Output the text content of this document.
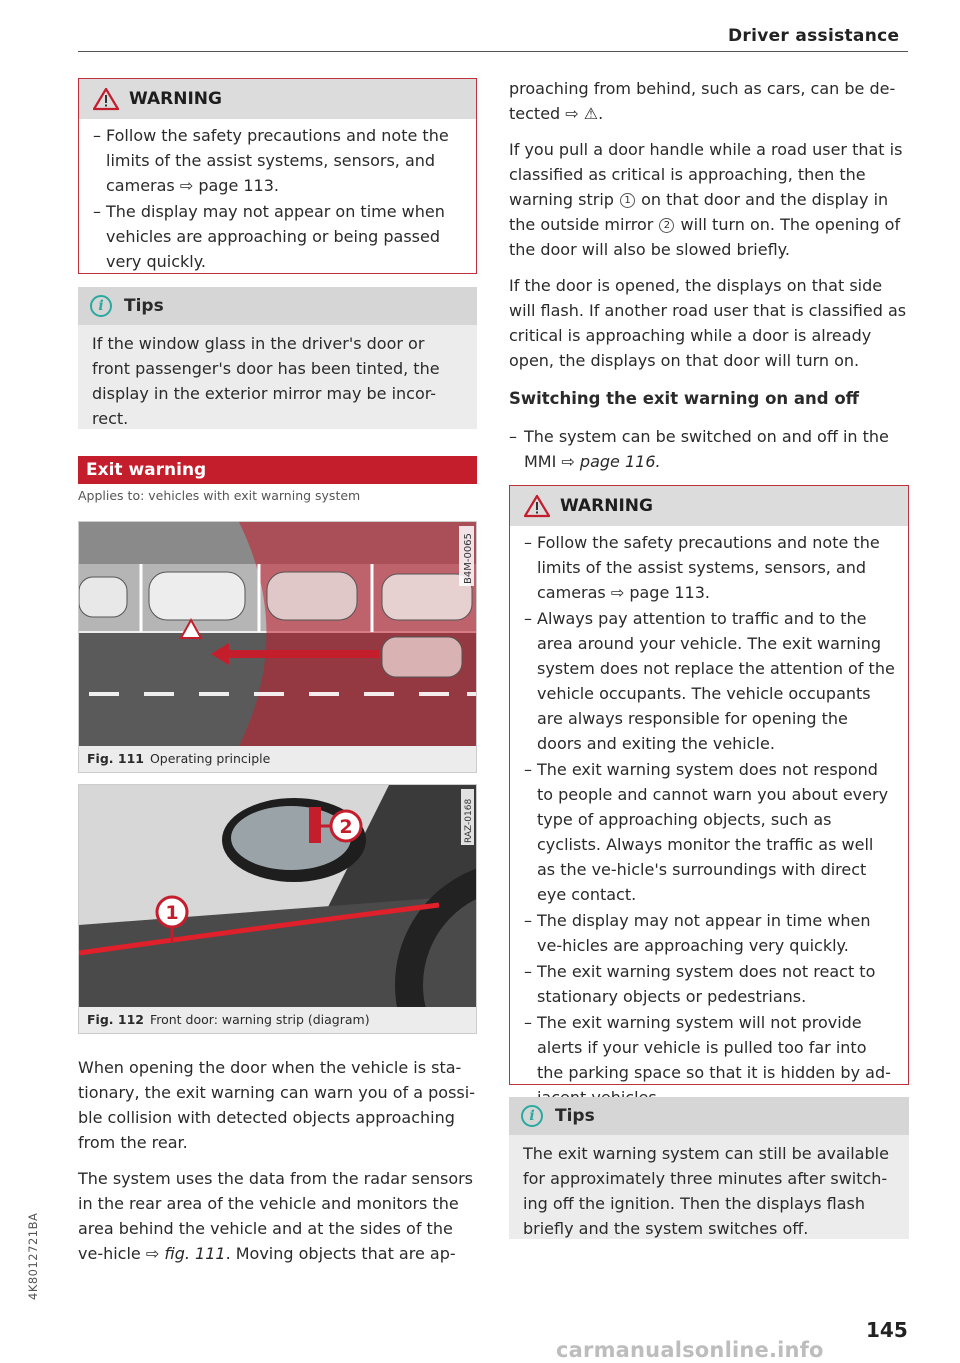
Driver assistance
WARNING
– Follow the safety precautions and note the limits of the assist systems, sensors, and cameras ⇨ page 113.
– The display may not appear on time when vehicles are approaching or being passed very quickly.
i	Tips

If the window glass in the driver's door or front passenger's door has been tinted, the display in the exterior mirror may be incor-rect.

Exit warning
Applies to: vehicles with exit warning system
B4M-0065
Fig. 111 Operating principle
1
2	RAZ-0168
Fig. 112 Front door: warning strip (diagram)

When opening the door when the vehicle is sta-tionary, the exit warning can warn you of a possi-ble collision with detected objects approaching from the rear.

The system uses the data from the radar sensors in the rear area of the vehicle and monitors the area behind the vehicle and at the sides of the ve-hicle ⇨ fig. 111. Moving objects that are ap-

proaching from behind, such as cars, can be de-tected ⇨ ⚠.

If you pull a door handle while a road user that is classified as critical is approaching, then the warning strip 1 on that door and the display in the outside mirror 2 will turn on. The opening of the door will also be slowed briefly.

If the door is opened, the displays on that side will flash. If another road user that is classified as critical is approaching while a door is already open, the displays on that door will turn on.

Switching the exit warning on and off
– The system can be switched on and off in the MMI ⇨ page 116.
WARNING
– Follow the safety precautions and note the limits of the assist systems, sensors, and cameras ⇨ page 113.
– Always pay attention to traffic and to the area around your vehicle. The exit warning system does not replace the attention of the vehicle occupants. The vehicle occupants are always responsible for opening the doors and exiting the vehicle.
– The exit warning system does not respond to people and cannot warn you about every type of approaching objects, such as cyclists. Always monitor the traffic as well as the ve-hicle's surroundings with direct eye contact.
– The display may not appear in time when ve-hicles are approaching very quickly.
– The exit warning system does not react to stationary objects or pedestrians.
– The exit warning system will not provide alerts if your vehicle is pulled too far into the parking space so that it is hidden by ad-
i	Tips

The exit warning system can still be available for approximately three minutes after switch-ing off the ignition. Then the displays flash briefly and the system switches off.

145
4K8012721BA
carmanualsonline.info
